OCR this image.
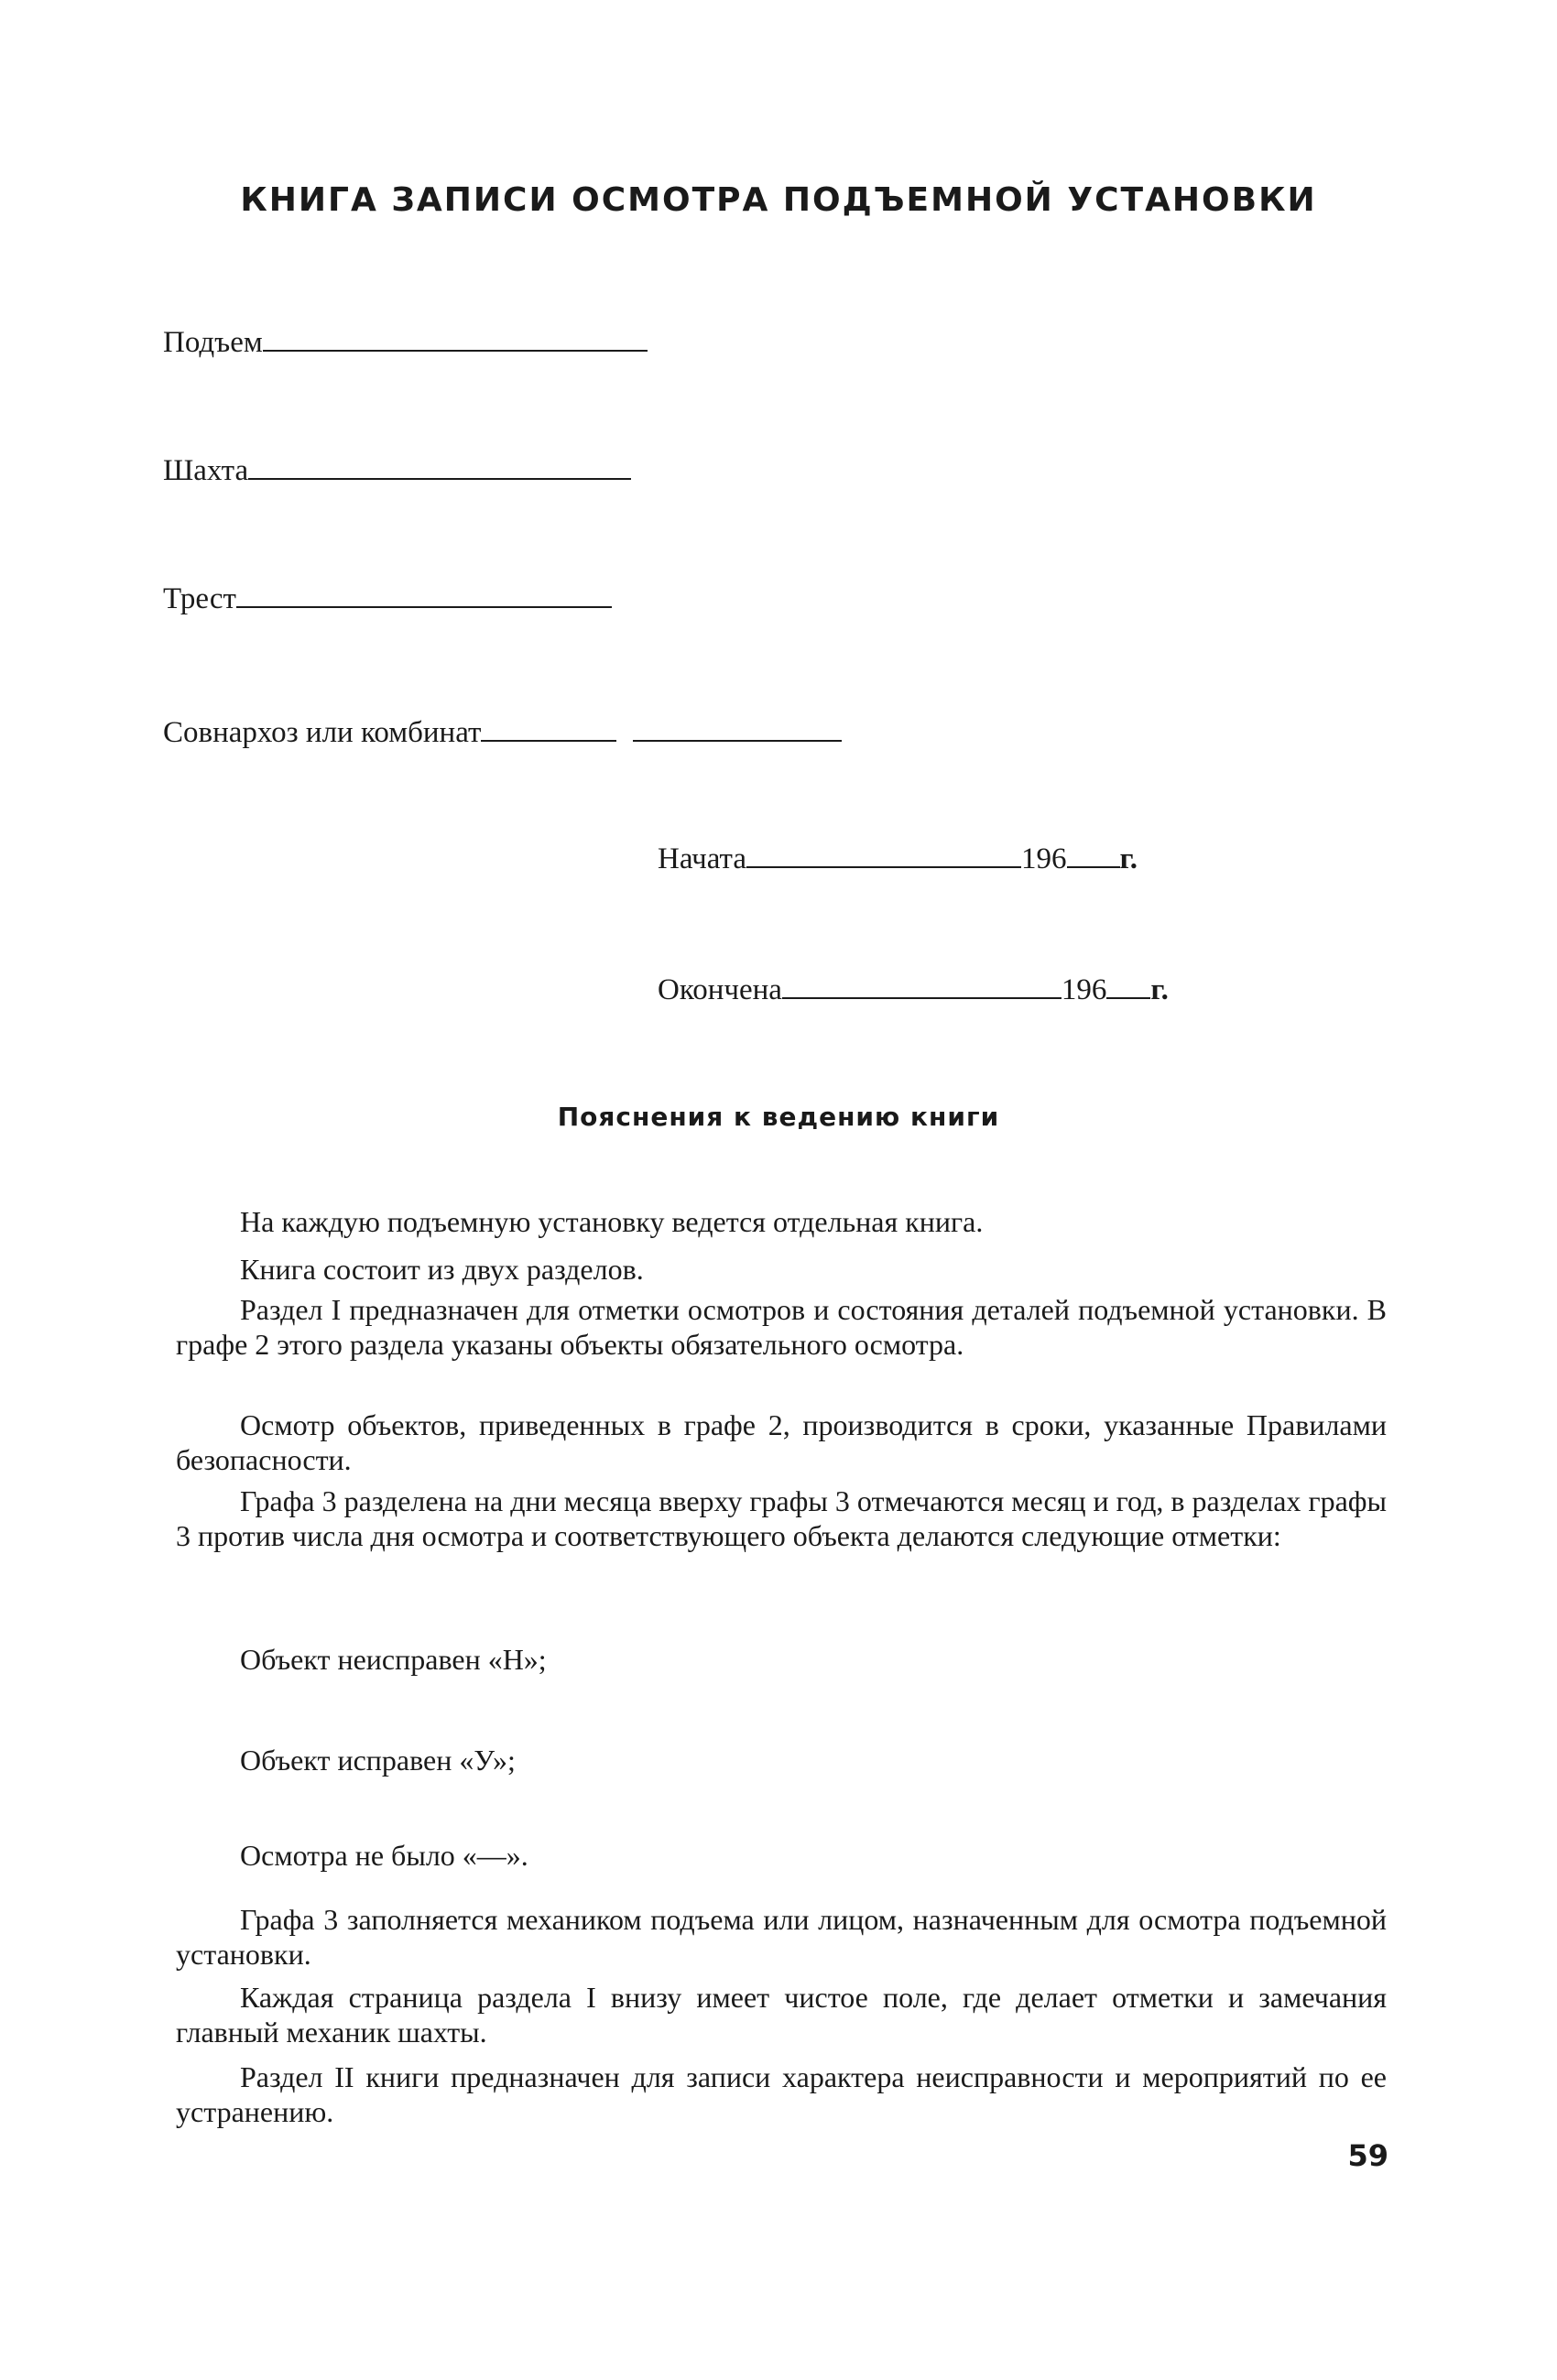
КНИГА ЗАПИСИ ОСМОТРА ПОДЪЕМНОЙ УСТАНОВКИ
Подъем
Шахта
Трест
Совнархоз или комбинат
Начата	196 г.
Окончена	196 г.
Пояснения к ведению книги
На каждую подъемную установку ведется отдельная книга.
Книга состоит из двух разделов.
Раздел I предназначен для отметки осмотров и состояния деталей подъемной установки. В графе 2 этого раздела указаны объекты обязательного осмотра.
Осмотр объектов, приведенных в графе 2, производится в сроки, указанные Правилами безопасности.
Графа 3 разделена на дни месяца вверху графы 3 отмечаются месяц и год, в разделах графы 3 против числа дня осмотра и соответствующего объекта делаются следующие отметки:
Объект неисправен «Н»;
Объект исправен «У»;
Осмотра не было «—».
Графа 3 заполняется механиком подъема или лицом, назначенным для осмотра подъемной установки.
Каждая страница раздела I внизу имеет чистое поле, где делает отметки и замечания главный механик шахты.
Раздел II книги предназначен для записи характера неисправности и мероприятий по ее устранению.
59
